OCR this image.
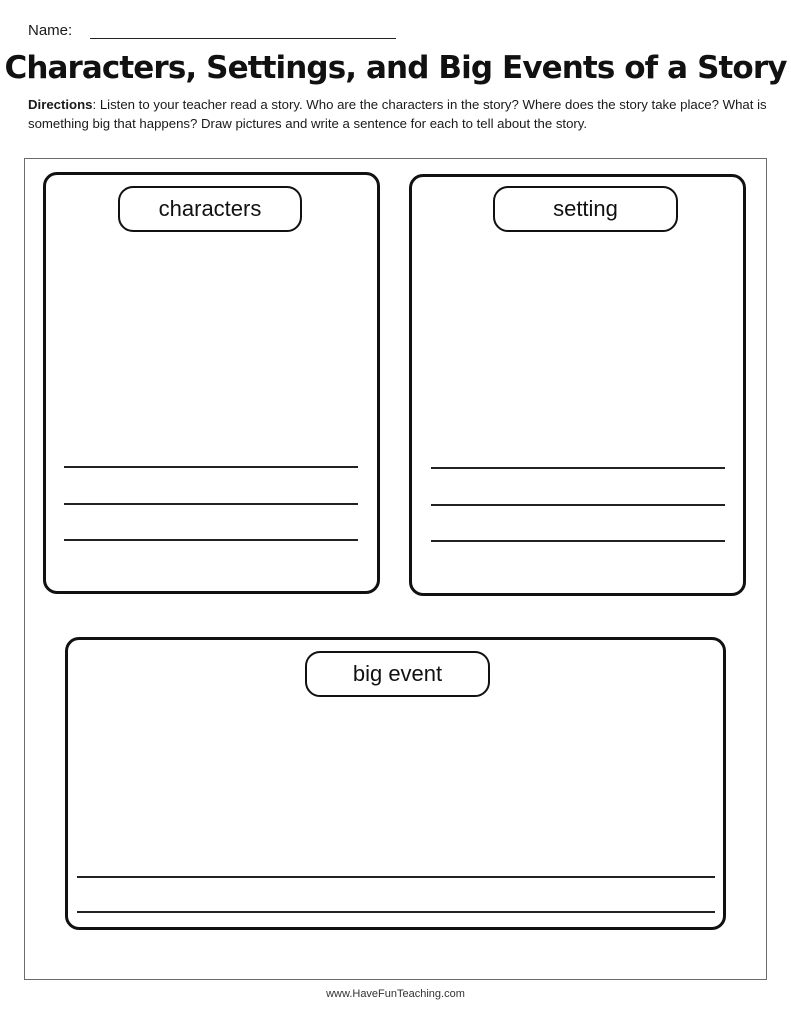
Name:
Characters, Settings, and Big Events of a Story
Directions: Listen to your teacher read a story. Who are the characters in the story? Where does the story take place? What is something big that happens? Draw pictures and write a sentence for each to tell about the story.
characters	setting
big event
www.HaveFunTeaching.com
